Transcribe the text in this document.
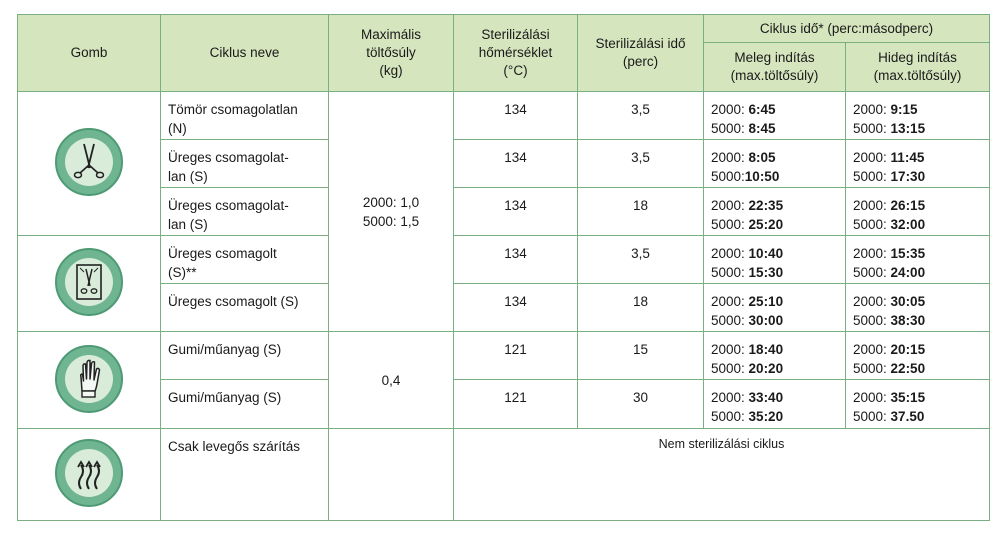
Gomb	Ciklus neve	Maximális
töltősúly
(kg)	Sterilizálási
hőmérséklet
(°C)	Sterilizálási idő
(perc)	Ciklus idő* (perc:másodperc)	

					Meleg indítás
(max.töltősúly)	Hideg indítás
(max.töltősúly)

	Tömör csomagolatlan
(N)	2000: 1,0
5000: 1,5	134	3,5	2000: 6:45
5000: 8:45	2000: 9:15
5000: 13:15
	Üreges csomagolat-
lan (S)		134	3,5	2000: 8:05
5000:10:50	2000: 11:45
5000: 17:30
	Üreges csomagolat-
lan (S)		134	18	2000: 22:35
5000: 25:20	2000: 26:15
5000: 32:00

	Üreges csomagolt
(S)**		134	3,5	2000: 10:40
5000: 15:30	2000: 15:35
5000: 24:00
	Üreges csomagolt (S)		134	18	2000: 25:10
5000: 30:00	2000: 30:05
5000: 38:30

	Gumi/műanyag (S)	0,4	121	15	2000: 18:40
5000: 20:20	2000: 20:15
5000: 22:50
	Gumi/műanyag (S)		121	30	2000: 33:40
5000: 35:20	2000: 35:15
5000: 37.50

	Csak levegős szárítás		Nem sterilizálási ciklus			
